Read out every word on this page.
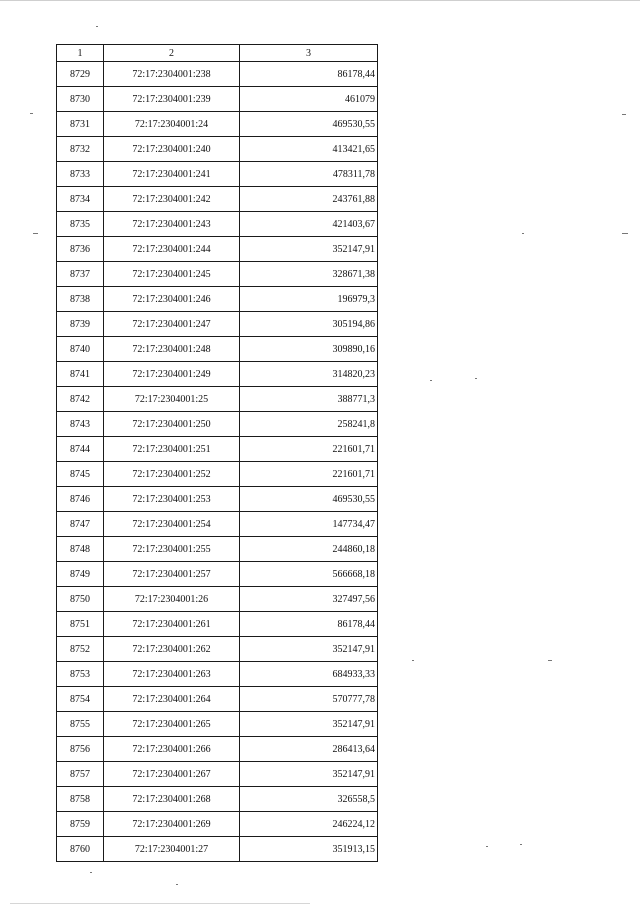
1	2	3
8729	72:17:2304001:238	86178,44
8730	72:17:2304001:239	461079
8731	72:17:2304001:24	469530,55
8732	72:17:2304001:240	413421,65
8733	72:17:2304001:241	478311,78
8734	72:17:2304001:242	243761,88
8735	72:17:2304001:243	421403,67
8736	72:17:2304001:244	352147,91
8737	72:17:2304001:245	328671,38
8738	72:17:2304001:246	196979,3
8739	72:17:2304001:247	305194,86
8740	72:17:2304001:248	309890,16
8741	72:17:2304001:249	314820,23
8742	72:17:2304001:25	388771,3
8743	72:17:2304001:250	258241,8
8744	72:17:2304001:251	221601,71
8745	72:17:2304001:252	221601,71
8746	72:17:2304001:253	469530,55
8747	72:17:2304001:254	147734,47
8748	72:17:2304001:255	244860,18
8749	72:17:2304001:257	566668,18
8750	72:17:2304001:26	327497,56
8751	72:17:2304001:261	86178,44
8752	72:17:2304001:262	352147,91
8753	72:17:2304001:263	684933,33
8754	72:17:2304001:264	570777,78
8755	72:17:2304001:265	352147,91
8756	72:17:2304001:266	286413,64
8757	72:17:2304001:267	352147,91
8758	72:17:2304001:268	326558,5
8759	72:17:2304001:269	246224,12
8760	72:17:2304001:27	351913,15
